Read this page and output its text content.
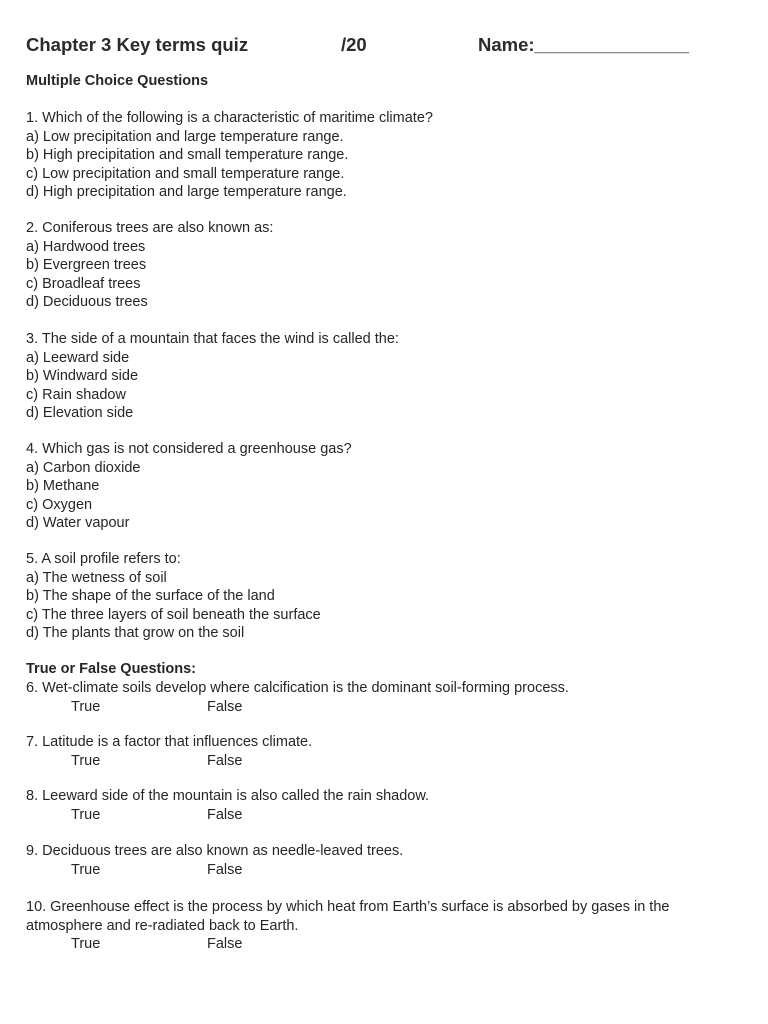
Chapter 3 Key terms quiz	/20	Name:_______________
Multiple Choice Questions
1. Which of the following is a characteristic of maritime climate?
a) Low precipitation and large temperature range.
b) High precipitation and small temperature range.
c) Low precipitation and small temperature range.
d) High precipitation and large temperature range.
2. Coniferous trees are also known as:
a) Hardwood trees
b) Evergreen trees
c) Broadleaf trees
d) Deciduous trees
3. The side of a mountain that faces the wind is called the:
a) Leeward side
b) Windward side
c) Rain shadow
d) Elevation side
4. Which gas is not considered a greenhouse gas?
a) Carbon dioxide
b) Methane
c) Oxygen
d) Water vapour
5. A soil profile refers to:
a) The wetness of soil
b) The shape of the surface of the land
c) The three layers of soil beneath the surface
d) The plants that grow on the soil
True or False Questions:
6. Wet-climate soils develop where calcification is the dominant soil-forming process.
True	False
7. Latitude is a factor that influences climate.
True	False
8. Leeward side of the mountain is also called the rain shadow.
True	False
9. Deciduous trees are also known as needle-leaved trees.
True	False
10. Greenhouse effect is the process by which heat from Earth’s surface is absorbed by gases in the atmosphere and re-radiated back to Earth.
True	False
